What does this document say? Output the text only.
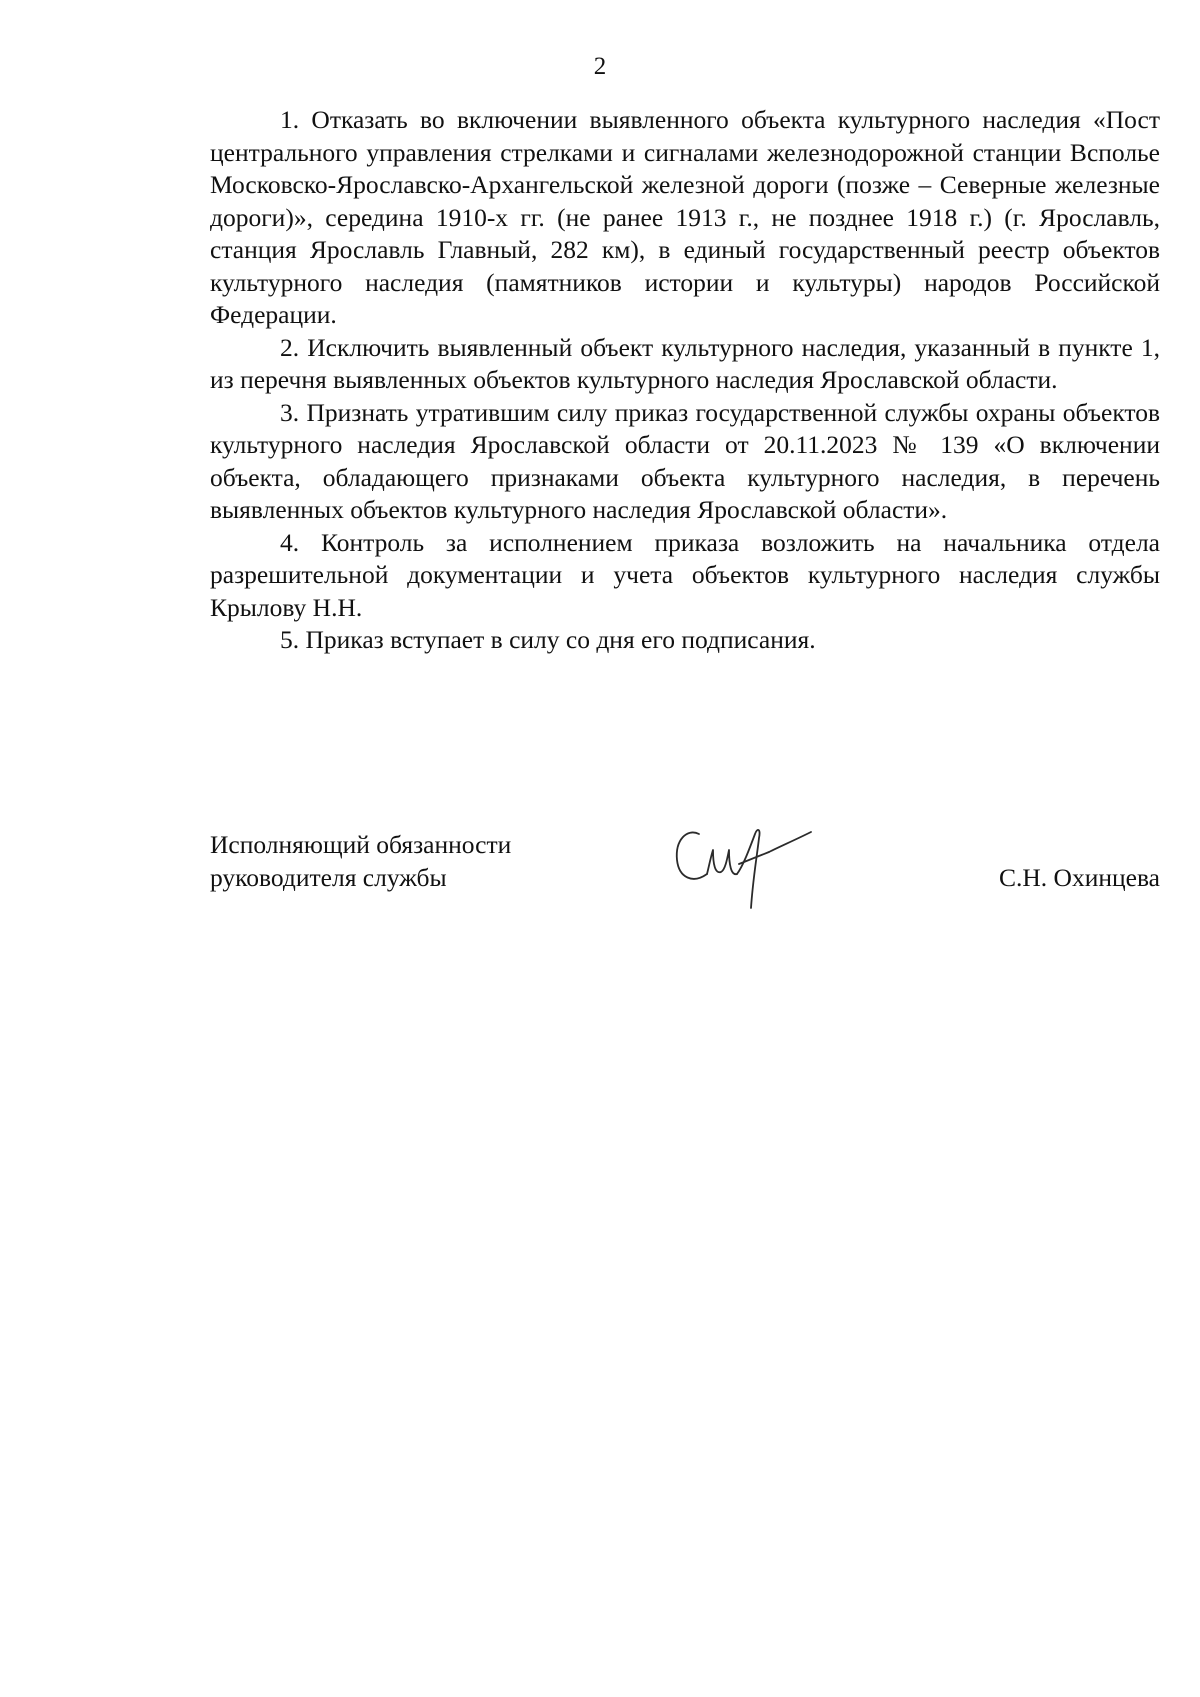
2

1. Отказать во включении выявленного объекта культурного наследия «Пост центрального управления стрелками и сигналами железнодорожной станции Всполье Московско-Ярославско-Архангельской железной дороги (позже – Северные железные дороги)», середина 1910-х гг. (не ранее 1913 г., не позднее 1918 г.) (г. Ярославль, станция Ярославль Главный, 282 км), в единый государственный реестр объектов культурного наследия (памятников истории и культуры) народов Российской Федерации.

2. Исключить выявленный объект культурного наследия, указанный в пункте 1, из перечня выявленных объектов культурного наследия Ярославской области.

3. Признать утратившим силу приказ государственной службы охраны объектов культурного наследия Ярославской области от 20.11.2023 № 139 «О включении объекта, обладающего признаками объекта культурного наследия, в перечень выявленных объектов культурного наследия Ярославской области».

4. Контроль за исполнением приказа возложить на начальника отдела разрешительной документации и учета объектов культурного наследия службы Крылову Н.Н.

5. Приказ вступает в силу со дня его подписания.

Исполняющий обязанности
руководителя службы	С.Н. Охинцева
